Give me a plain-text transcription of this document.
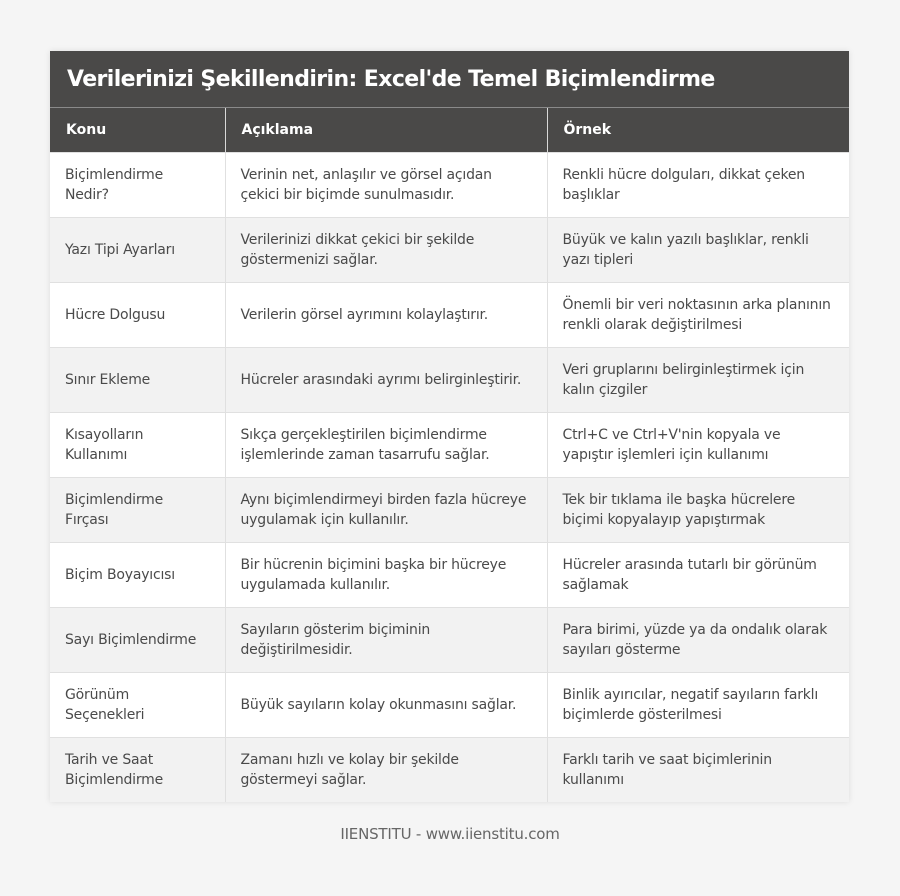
Verilerinizi Şekillendirin: Excel'de Temel Biçimlendirme
Konu	Açıklama	Örnek
Biçimlendirme Nedir?	Verinin net, anlaşılır ve görsel açıdan çekici bir biçimde sunulmasıdır.	Renkli hücre dolguları, dikkat çeken başlıklar
Yazı Tipi Ayarları	Verilerinizi dikkat çekici bir şekilde göstermenizi sağlar.	Büyük ve kalın yazılı başlıklar, renkli yazı tipleri
Hücre Dolgusu	Verilerin görsel ayrımını kolaylaştırır.	Önemli bir veri noktasının arka planının renkli olarak değiştirilmesi
Sınır Ekleme	Hücreler arasındaki ayrımı belirginleştirir.	Veri gruplarını belirginleştirmek için kalın çizgiler
Kısayolların Kullanımı	Sıkça gerçekleştirilen biçimlendirme işlemlerinde zaman tasarrufu sağlar.	Ctrl+C ve Ctrl+V'nin kopyala ve yapıştır işlemleri için kullanımı
Biçimlendirme Fırçası	Aynı biçimlendirmeyi birden fazla hücreye uygulamak için kullanılır.	Tek bir tıklama ile başka hücrelere biçimi kopyalayıp yapıştırmak
Biçim Boyayıcısı	Bir hücrenin biçimini başka bir hücreye uygulamada kullanılır.	Hücreler arasında tutarlı bir görünüm sağlamak
Sayı Biçimlendirme	Sayıların gösterim biçiminin değiştirilmesidir.	Para birimi, yüzde ya da ondalık olarak sayıları gösterme
Görünüm Seçenekleri	Büyük sayıların kolay okunmasını sağlar.	Binlik ayırıcılar, negatif sayıların farklı biçimlerde gösterilmesi
Tarih ve Saat Biçimlendirme	Zamanı hızlı ve kolay bir şekilde göstermeyi sağlar.	Farklı tarih ve saat biçimlerinin kullanımı
IIENSTITU - www.iienstitu.com
